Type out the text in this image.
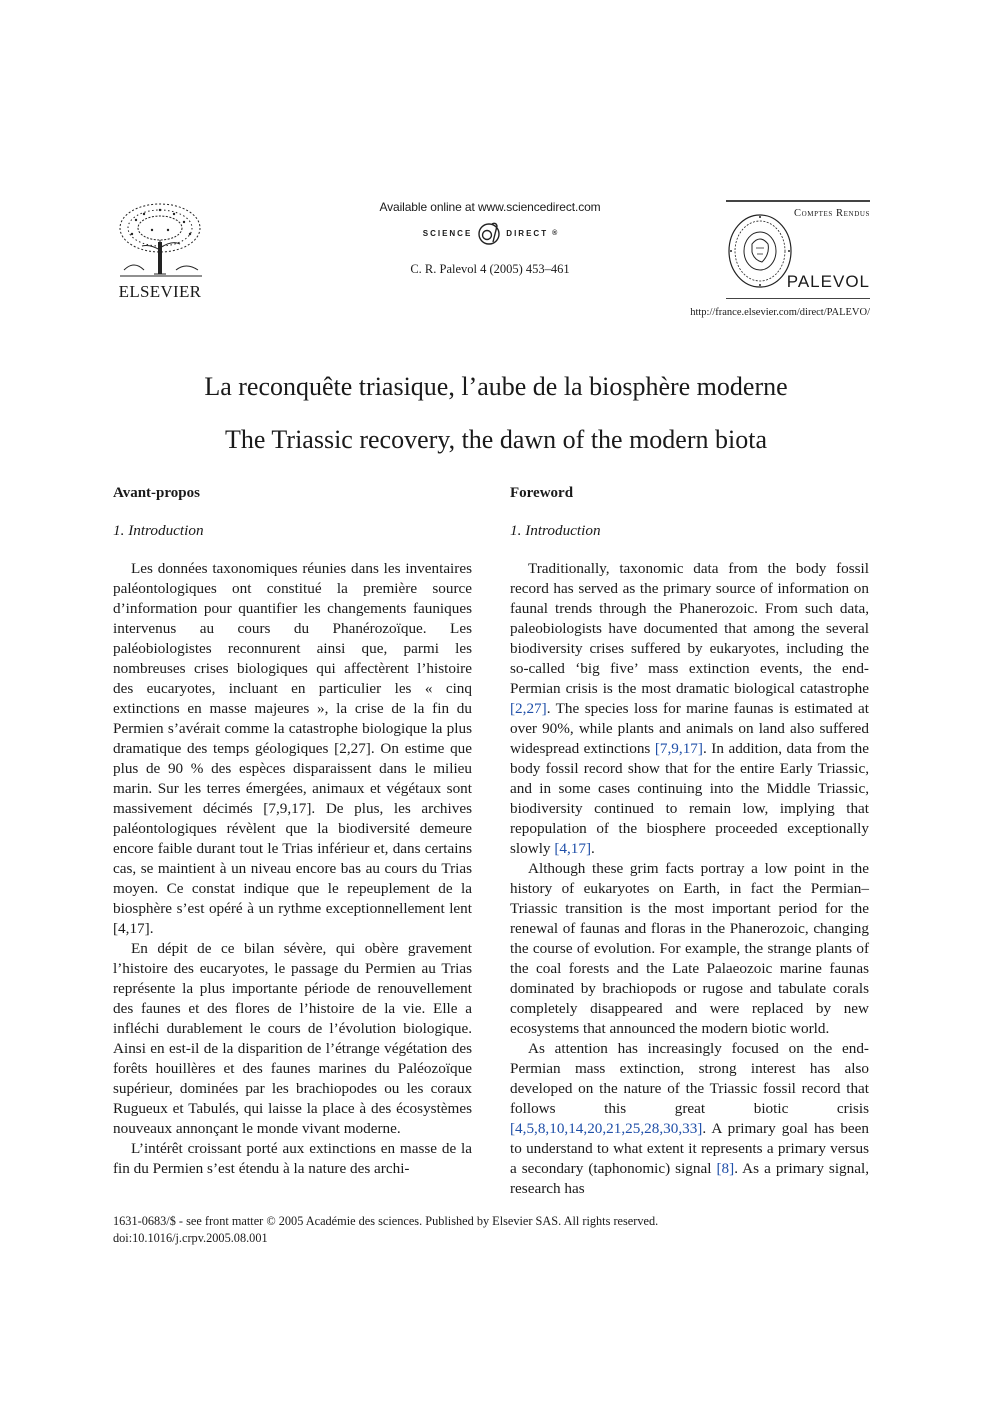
ELSEVIER
Available online at www.sciencedirect.com
SCIENCE	DIRECT ®
C. R. Palevol 4 (2005) 453–461
Comptes Rendus
PALEVOL
http://france.elsevier.com/direct/PALEVO/
La reconquête triasique, l’aube de la biosphère moderne
The Triassic recovery, the dawn of the modern biota
Avant-propos
1. Introduction

Les données taxonomiques réunies dans les inventaires paléontologiques ont constitué la première source d’information pour quantifier les changements fauniques intervenus au cours du Phanérozoïque. Les paléobiologistes reconnurent ainsi que, parmi les nombreuses crises biologiques qui affectèrent l’histoire des eucaryotes, incluant en particulier les « cinq extinctions en masse majeures », la crise de la fin du Permien s’avérait comme la catastrophe biologique la plus dramatique des temps géologiques [2,27]. On estime que plus de 90 % des espèces disparaissent dans le milieu marin. Sur les terres émergées, animaux et végétaux sont massivement décimés [7,9,17]. De plus, les archives paléontologiques révèlent que la biodiversité demeure encore faible durant tout le Trias inférieur et, dans certains cas, se maintient à un niveau encore bas au cours du Trias moyen. Ce constat indique que le repeuplement de la biosphère s’est opéré à un rythme exceptionnellement lent [4,17].

En dépit de ce bilan sévère, qui obère gravement l’histoire des eucaryotes, le passage du Permien au Trias représente la plus importante période de renouvellement des faunes et des flores de l’histoire de la vie. Elle a infléchi durablement le cours de l’évolution biologique. Ainsi en est-il de la disparition de l’étrange végétation des forêts houillères et des faunes marines du Paléozoïque supérieur, dominées par les brachiopodes ou les coraux Rugueux et Tabulés, qui laisse la place à des écosystèmes nouveaux annonçant le monde vivant moderne.

L’intérêt croissant porté aux extinctions en masse de la fin du Permien s’est étendu à la nature des archi-

Foreword
1. Introduction

Traditionally, taxonomic data from the body fossil record has served as the primary source of information on faunal trends through the Phanerozoic. From such data, paleobiologists have documented that among the several biodiversity crises suffered by eukaryotes, including the so-called ‘big five’ mass extinction events, the end-Permian crisis is the most dramatic biological catastrophe [2,27]. The species loss for marine faunas is estimated at over 90%, while plants and animals on land also suffered widespread extinctions [7,9,17]. In addition, data from the body fossil record show that for the entire Early Triassic, and in some cases continuing into the Middle Triassic, biodiversity continued to remain low, implying that repopulation of the biosphere proceeded exceptionally slowly [4,17].

Although these grim facts portray a low point in the history of eukaryotes on Earth, in fact the Permian–Triassic transition is the most important period for the renewal of faunas and floras in the Phanerozoic, changing the course of evolution. For example, the strange plants of the coal forests and the Late Palaeozoic marine faunas dominated by brachiopods or rugose and tabulate corals completely disappeared and were replaced by new ecosystems that announced the modern biotic world.

As attention has increasingly focused on the end-Permian mass extinction, strong interest has also developed on the nature of the Triassic fossil record that follows this great biotic crisis [4,5,8,10,14,20,21,25,28,30,33]. A primary goal has been to understand to what extent it represents a primary versus a secondary (taphonomic) signal [8]. As a primary signal, research has

1631-0683/$ - see front matter © 2005 Académie des sciences. Published by Elsevier SAS. All rights reserved.
doi:10.1016/j.crpv.2005.08.001
